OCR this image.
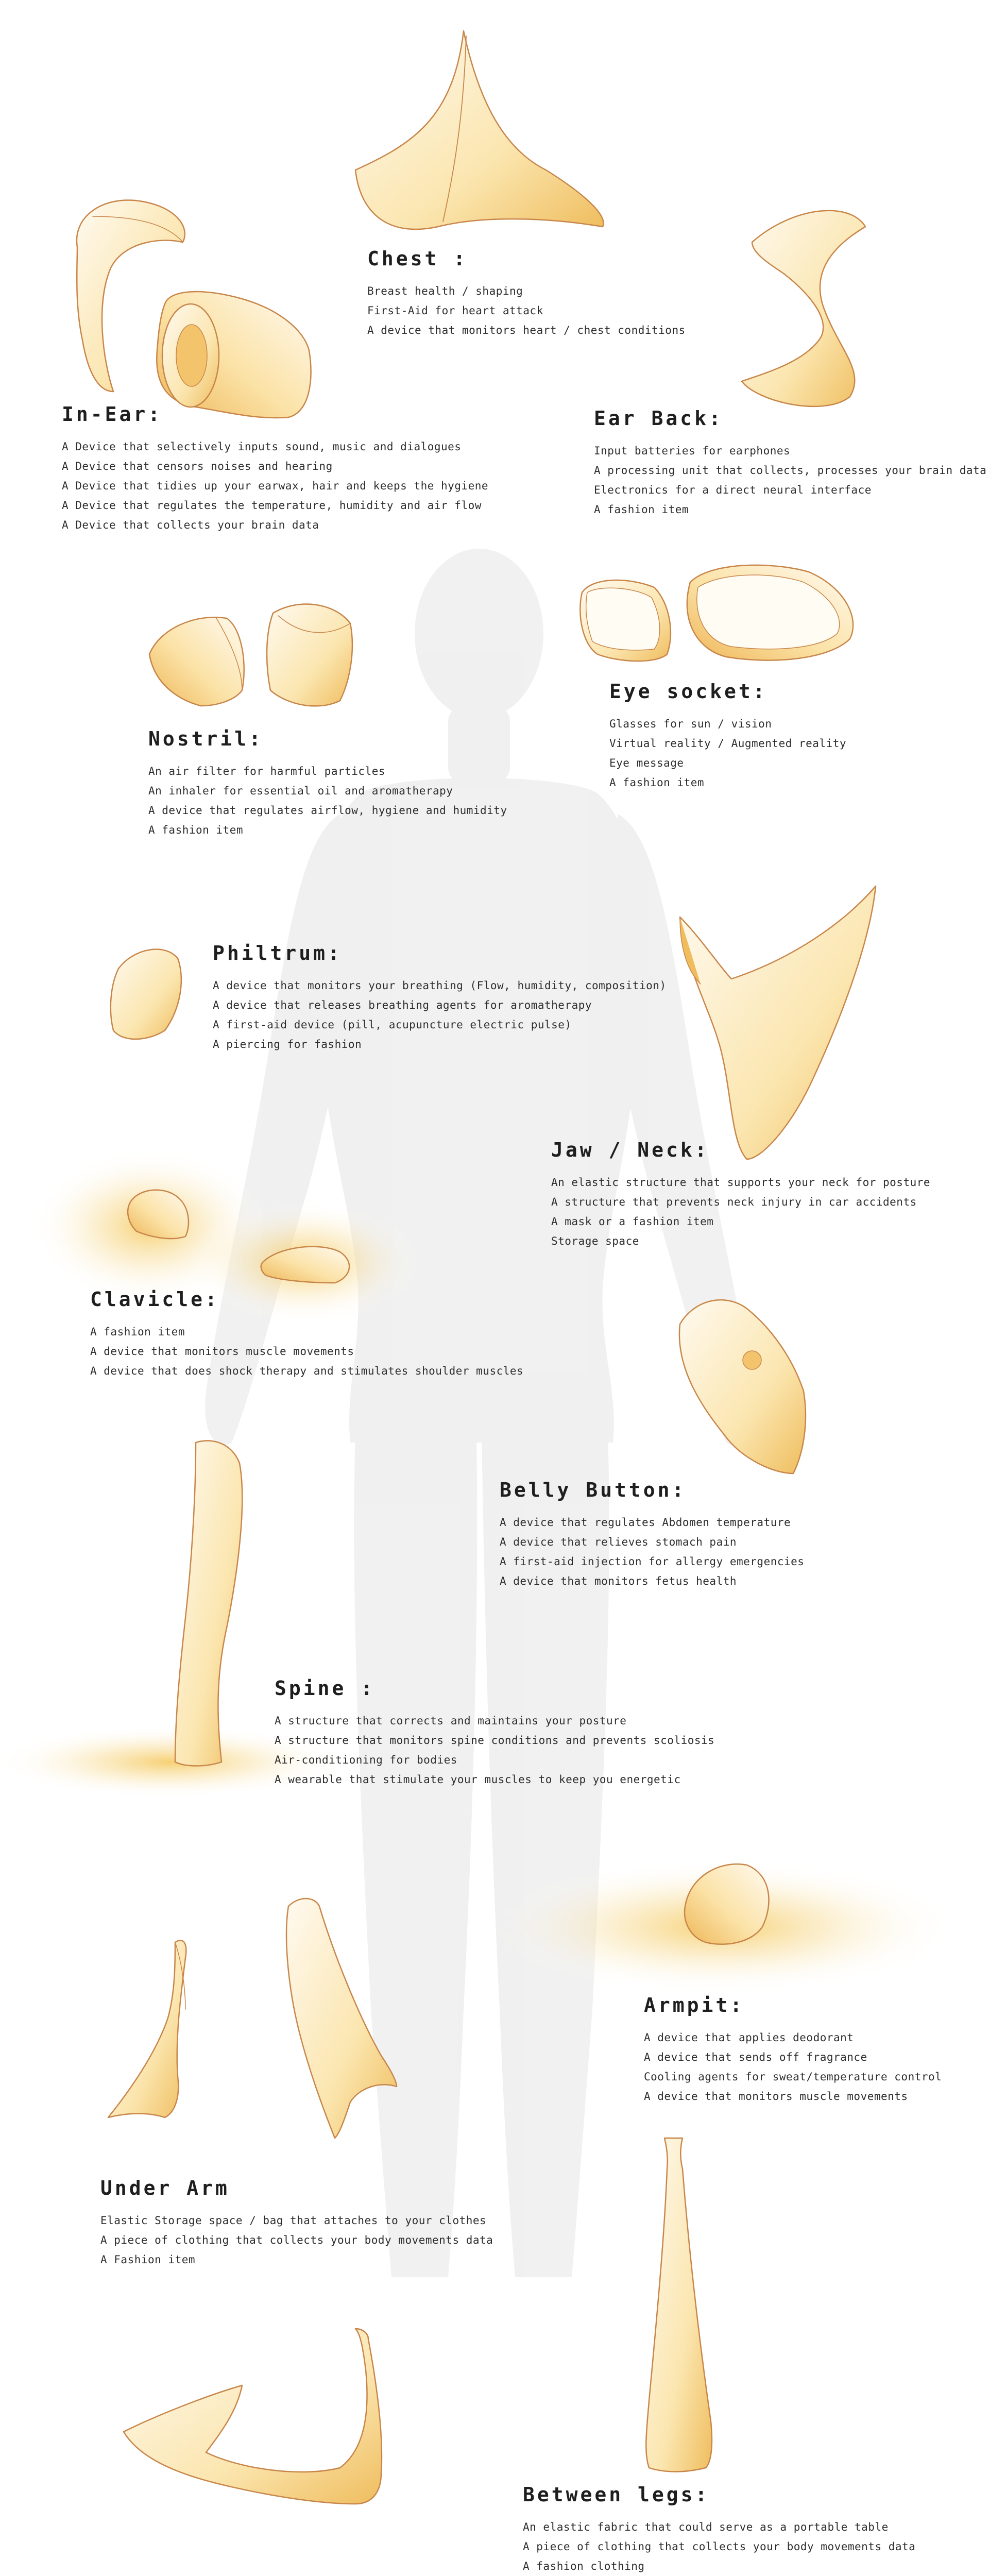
Chest :
Breast health / shaping
First-Aid for heart attack
A device that monitors heart / chest conditions
In-Ear:
A Device that selectively inputs sound, music and dialogues
A Device that censors noises and hearing
A Device that tidies up your earwax, hair and keeps the hygiene
A Device that regulates the temperature, humidity and air flow
A Device that collects your brain data
Ear Back:
Input batteries for earphones
A processing unit that collects, processes your brain data
Electronics for a direct neural interface
A fashion item
Nostril:
An air filter for harmful particles
An inhaler for essential oil and aromatherapy
A device that regulates airflow, hygiene and humidity
A fashion item
Eye socket:
Glasses for sun / vision
Virtual reality / Augmented reality
Eye message
A fashion item
Philtrum:
A device that monitors your breathing (Flow, humidity, composition)
A device that releases breathing agents for aromatherapy
A first-aid device (pill, acupuncture electric pulse)
A piercing for fashion
Jaw / Neck:
An elastic structure that supports your neck for posture
A structure that prevents neck injury in car accidents
A mask or a fashion item
Storage space
Clavicle:
A fashion item
A device that monitors muscle movements
A device that does shock therapy and stimulates shoulder muscles
Belly Button:
A device that regulates Abdomen temperature
A device that relieves stomach pain
A first-aid injection for allergy emergencies
A device that monitors fetus health
Spine :
A structure that corrects and maintains your posture
A structure that monitors spine conditions and prevents scoliosis
Air-conditioning for bodies
A wearable that stimulate your muscles to keep you energetic
Armpit:
A device that applies deodorant
A device that sends off fragrance
Cooling agents for sweat/temperature control
A device that monitors muscle movements
Under Arm
Elastic Storage space / bag that attaches to your clothes
A piece of clothing that collects your body movements data
A Fashion item
Between legs:
An elastic fabric that could serve as a portable table
A piece of clothing that collects your body movements data
A fashion clothing
